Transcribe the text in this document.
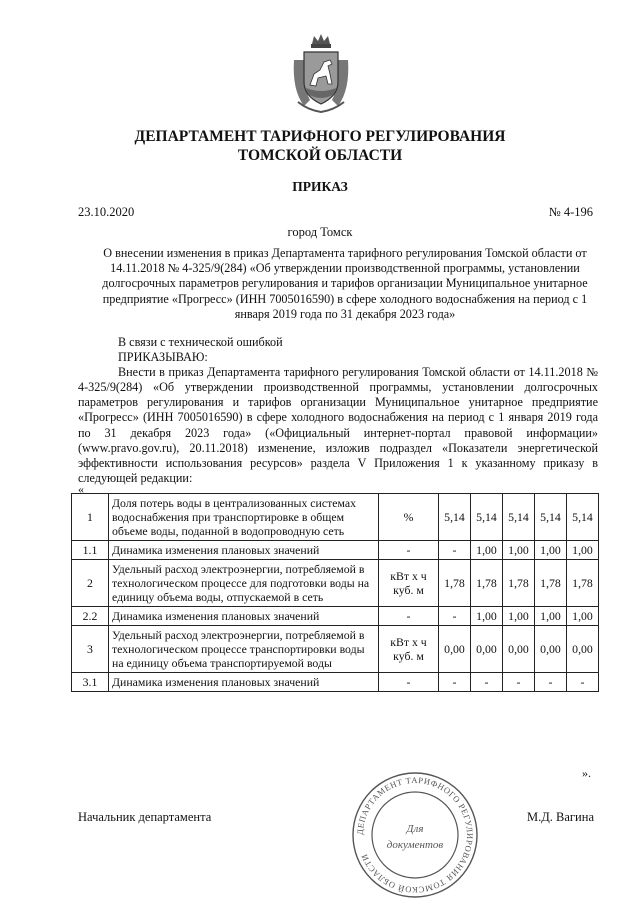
ДЕПАРТАМЕНТ ТАРИФНОГО РЕГУЛИРОВАНИЯ
ТОМСКОЙ ОБЛАСТИ
ПРИКАЗ
23.10.2020	№ 4-196
город Томск
О внесении изменения в приказ Департамента тарифного регулирования Томской области от 14.11.2018 № 4-325/9(284) «Об утверждении производственной программы, установлении долгосрочных параметров регулирования и тарифов организации Муниципальное унитарное предприятие «Прогресс» (ИНН 7005016590) в сфере холодного водоснабжения на период с 1 января 2019 года по 31 декабря 2023 года»

В связи с технической ошибкой

ПРИКАЗЫВАЮ:

Внести в приказ Департамента тарифного регулирования Томской области от 14.11.2018 № 4-325/9(284) «Об утверждении производственной программы, установлении долгосрочных параметров регулирования и тарифов организации Муниципальное унитарное предприятие «Прогресс» (ИНН 7005016590) в сфере холодного водоснабжения на период с 1 января 2019 года по 31 декабря 2023 года» («Официальный интернет-портал правовой информации» (www.pravo.gov.ru), 20.11.2018) изменение, изложив подраздел «Показатели энергетической эффективности использования ресурсов» раздела V Приложения 1 к указанному приказу в следующей редакции:

«
1	Доля потерь воды в централизованных системах водоснабжения при транспортировке в общем объеме воды, поданной в водопроводную сеть	%	5,14	5,14	5,14	5,14	5,14
1.1	Динамика изменения плановых значений	-	-	1,00	1,00	1,00	1,00
2	Удельный расход электроэнергии, потребляемой в технологическом процессе для подготовки воды на единицу объема воды, отпускаемой в сеть	кВт х ч куб. м	1,78	1,78	1,78	1,78	1,78
2.2	Динамика изменения плановых значений	-	-	1,00	1,00	1,00	1,00
3	Удельный расход электроэнергии, потребляемой в технологическом процессе транспортировки воды на единицу объема транспортируемой воды	кВт х ч куб. м	0,00	0,00	0,00	0,00	0,00
3.1	Динамика изменения плановых значений	-	-	-	-	-	-
».
Начальник департамента	М.Д. Вагина
ДЕПАРТАМЕНТ ТАРИФНОГО РЕГУЛИРОВАНИЯ ТОМСКОЙ ОБЛАСТИ
Для
документов
